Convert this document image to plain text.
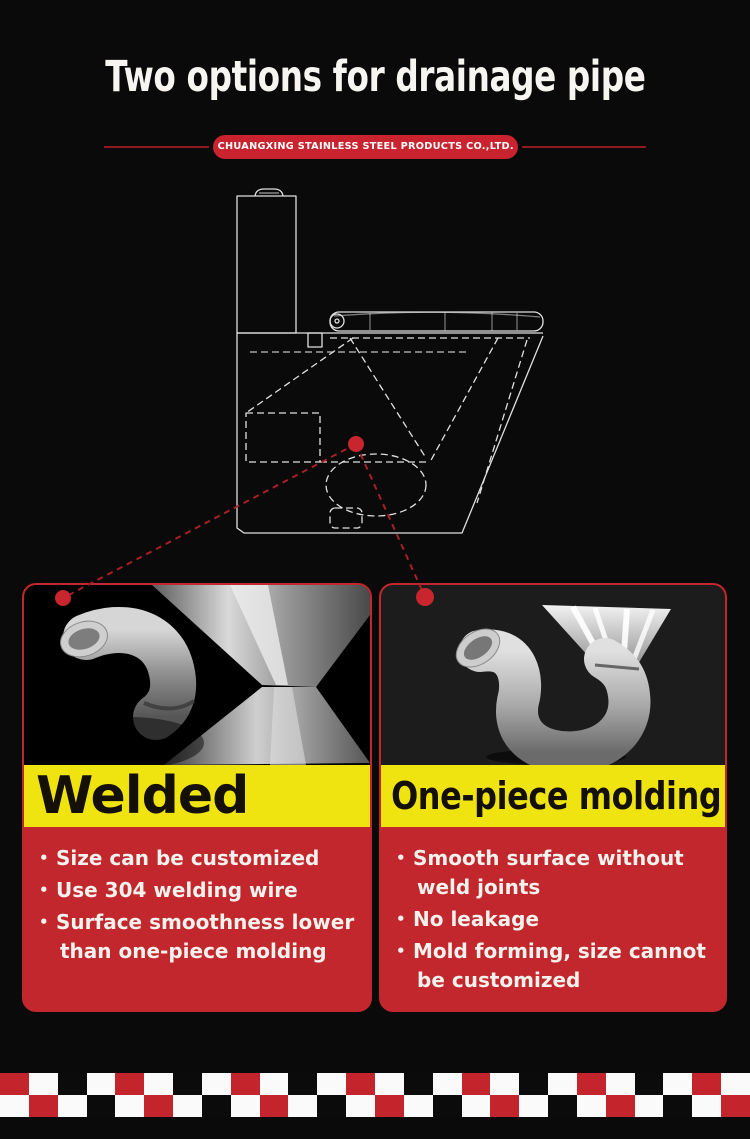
Two options for drainage pipe
CHUANGXING STAINLESS STEEL PRODUCTS CO.,LTD.
Welded
•
Size can be customized
•
Use 304 welding wire
•
Surface smoothness lower
than one-piece molding
One-piece molding
•
Smooth surface without
weld joints
•
No leakage
•
Mold forming, size cannot
be customized
